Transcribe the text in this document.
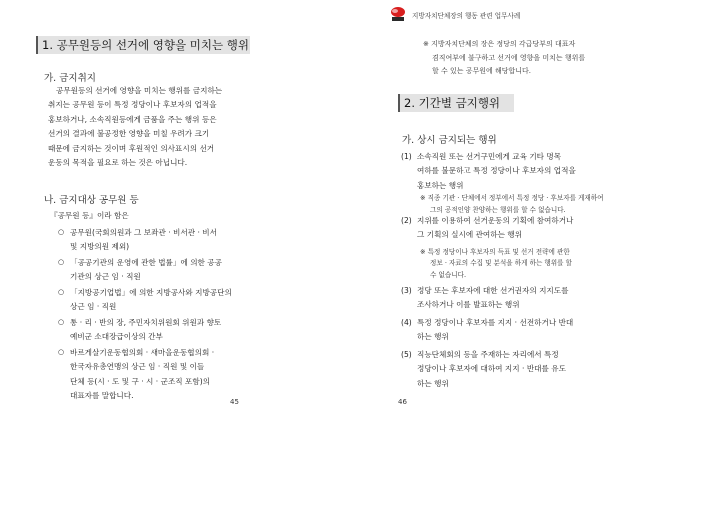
1. 공무원등의 선거에 영향을 미치는 행위
가. 금지취지
공무원등의 선거에 영향을 미치는 행위를 금지하는
취지는 공무원 등이 특정 정당이나 후보자의 업적을
홍보하거나, 소속직원등에게 금품을 주는 행위 등은
선거의 결과에 불공정한 영향을 미칠 우려가 크기
때문에 금지하는 것이며 후원적인 의사표시의 선거
운동의 목적을 필요로 하는 것은 아닙니다.
나. 금지대상 공무원 등
『공무원 등』이라 함은
○ 공무원(국회의원과 그 보좌관 · 비서관 · 비서
및 지방의원 제외)
○ 「공공기관의 운영에 관한 법률」에 의한 공공
기관의 상근 임 · 직원
○ 「지방공기업법」에 의한 지방공사와 지방공단의
상근 임 · 직원
○ 통 · 리 · 반의 장, 주민자치위원회 위원과 향토
예비군 소대장급이상의 간부
○ 바르게살기운동협의회 · 새마을운동협의회 ·
한국자유총연맹의 상근 임 · 직원 및 이들
단체 등(시 · 도 및 구 · 시 · 군조직 포함)의
대표자를 말합니다.
45
지방자치단체장의 행동 관련 업무사례
※ 지방자치단체의 장은 정당의 각급당부의 대표자
겸직여부에 불구하고 선거에 영향을 미치는 행위를
할 수 있는 공무원에 해당합니다.
2. 기간별 금지행위
가. 상시 금지되는 행위
(1) 소속직원 또는 선거구민에게 교육 기타 명목
여하를 불문하고 특정 정당이나 후보자의 업적을
홍보하는 행위
※ 직종 기관 · 단체에서 정부에서 특정 정당 · 후보자를 게재하여
그의 공적인양 찬양하는 행위를 할 수 없습니다.
(2) 지위를 이용하여 선거운동의 기획에 참여하거나
그 기획의 실시에 관여하는 행위
※ 특정 정당이나 후보자의 득표 및 선거 전략에 관한
정보 · 자료의 수집 및 분석을 하게 하는 행위를 할
수 없습니다.
(3) 정당 또는 후보자에 대한 선거권자의 지지도를
조사하거나 이를 발표하는 행위
(4) 특정 정당이나 후보자를 지지 · 선전하거나 반대
하는 행위
(5) 직능단체회의 등을 주재하는 자리에서 특정
정당이나 후보자에 대하여 지지 · 반대를 유도
하는 행위
46
